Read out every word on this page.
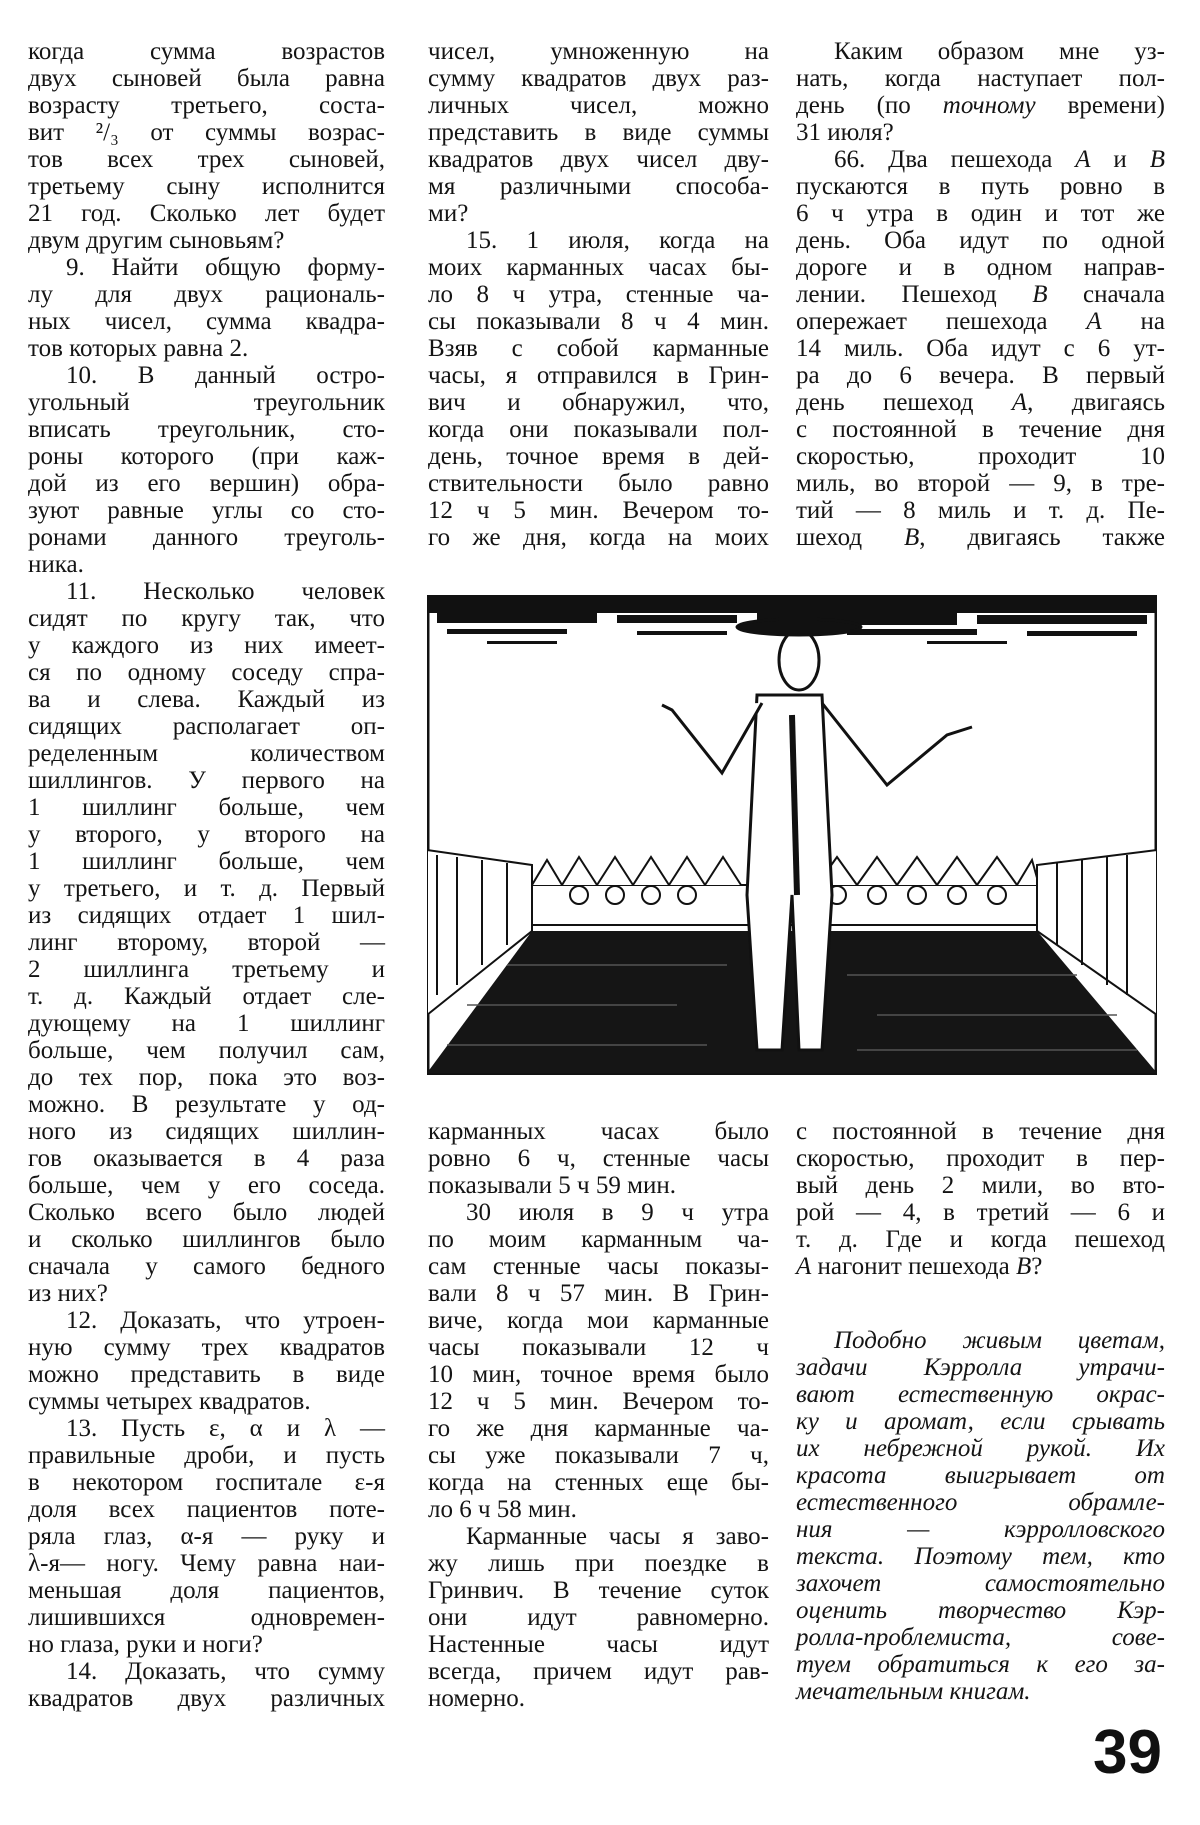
когда сумма возрастов
двух сыновей была равна
возрасту третьего, соста-
вит ²/₃ от суммы возрас-
тов всех трех сыновей,
третьему сыну исполнится
21 год. Сколько лет будет
двум другим сыновьям?
9. Найти общую форму-
лу для двух рациональ-
ных чисел, сумма квадра-
тов которых равна 2.
10. В данный остро-
угольный треугольник
вписать треугольник, сто-
роны которого (при каж-
дой из его вершин) обра-
зуют равные углы со сто-
ронами данного треуголь-
ника.
11. Несколько человек
сидят по кругу так, что
у каждого из них имеет-
ся по одному соседу спра-
ва и слева. Каждый из
сидящих располагает оп-
ределенным количеством
шиллингов. У первого на
1 шиллинг больше, чем
у второго, у второго на
1 шиллинг больше, чем
у третьего, и т. д. Первый
из сидящих отдает 1 шил-
линг второму, второй —
2 шиллинга третьему и
т. д. Каждый отдает сле-
дующему на 1 шиллинг
больше, чем получил сам,
до тех пор, пока это воз-
можно. В результате у од-
ного из сидящих шиллин-
гов оказывается в 4 раза
больше, чем у его соседа.
Сколько всего было людей
и сколько шиллингов было
сначала у самого бедного
из них?
12. Доказать, что утроен-
ную сумму трех квадратов
можно представить в виде
суммы четырех квадратов.
13. Пусть ε, α и λ —
правильные дроби, и пусть
в некотором госпитале ε-я
доля всех пациентов поте-
ряла глаз, α-я — руку и
λ-я— ногу. Чему равна наи-
меньшая доля пациентов,
лишившихся одновремен-
но глаза, руки и ноги?
14. Доказать, что сумму
квадратов двух различных
чисел, умноженную на
сумму квадратов двух раз-
личных чисел, можно
представить в виде суммы
квадратов двух чисел дву-
мя различными способа-
ми?
15. 1 июля, когда на
моих карманных часах бы-
ло 8 ч утра, стенные ча-
сы показывали 8 ч 4 мин.
Взяв с собой карманные
часы, я отправился в Грин-
вич и обнаружил, что,
когда они показывали пол-
день, точное время в дей-
ствительности было равно
12 ч 5 мин. Вечером то-
го же дня, когда на моих
карманных часах было
ровно 6 ч, стенные часы
показывали 5 ч 59 мин.
30 июля в 9 ч утра
по моим карманным ча-
сам стенные часы показы-
вали 8 ч 57 мин. В Грин-
виче, когда мои карманные
часы показывали 12 ч
10 мин, точное время было
12 ч 5 мин. Вечером то-
го же дня карманные ча-
сы уже показывали 7 ч,
когда на стенных еще бы-
ло 6 ч 58 мин.
Карманные часы я заво-
жу лишь при поездке в
Гринвич. В течение суток
они идут равномерно.
Настенные часы идут
всегда, причем идут рав-
номерно.
Каким образом мне уз-
нать, когда наступает пол-
день (по точному времени)
31 июля?
66. Два пешехода A и B
пускаются в путь ровно в
6 ч утра в один и тот же
день. Оба идут по одной
дороге и в одном направ-
лении. Пешеход B сначала
опережает пешехода A на
14 миль. Оба идут с 6 ут-
ра до 6 вечера. В первый
день пешеход A, двигаясь
с постоянной в течение дня
скоростью, проходит 10
миль, во второй — 9, в тре-
тий — 8 миль и т. д. Пе-
шеход B, двигаясь также
с постоянной в течение дня
скоростью, проходит в пер-
вый день 2 мили, во вто-
рой — 4, в третий — 6 и
т. д. Где и когда пешеход
A нагонит пешехода B?
Подобно живым цветам,
задачи Кэрролла утрачи-
вают естественную окрас-
ку и аромат, если срывать
их небрежной рукой. Их
красота выигрывает от
естественного обрамле-
ния — кэрролловского
текста. Поэтому тем, кто
захочет самостоятельно
оценить творчество Кэр-
ролла-проблемиста, сове-
туем обратиться к его за-
мечательным книгам.
39
